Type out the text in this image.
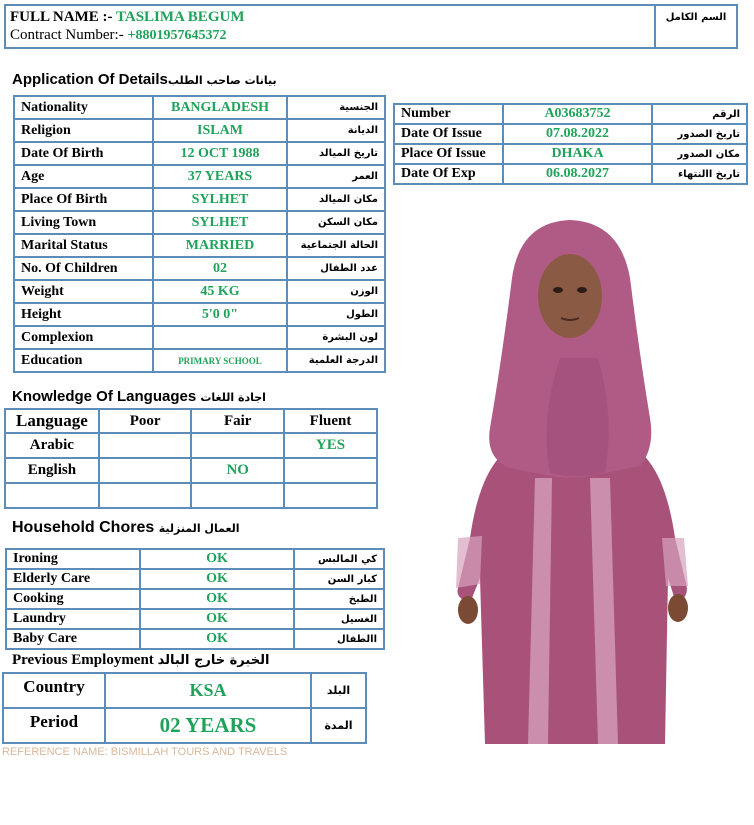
FULL NAME :- TASLIMA BEGUM
Contract Number:- +8801957645372
	السم الكامل
Application Of Detailsبيانات صاحب الطلب
Nationality	BANGLADESH	الجنسية
Religion	ISLAM	الديانة
Date Of Birth	12 OCT 1988	تاريخ الميالد
Age	37 YEARS	العمر
Place Of Birth	SYLHET	مكان الميالد
Living Town	SYLHET	مكان السكن
Marital Status	MARRIED	الحالة الجتماعية
No. Of Children	02	عدد الطفال
Weight	45 KG	الوزن
Height	5'0 0"	الطول
Complexion		لون البشرة
Education	PRIMARY SCHOOL	الدرجة العلمية
Number	A03683752	الرقم
Date Of Issue	07.08.2022	تاريخ الصدور
Place Of Issue	DHAKA	مكان الصدور
Date Of Exp	06.08.2027	تاريخ االنتهاء
Knowledge Of Languages اجادة اللغات
Language	Poor	Fair	Fluent
Arabic			YES
English		NO	

Household Chores العمال المنزلية
Ironing	OK	كي المالبس
Elderly Care	OK	كبار السن
Cooking	OK	الطبخ
Laundry	OK	الغسيل
Baby Care	OK	االطفال
Previous Employment الخبرة خارج البالد
Country	KSA	البلد
Period	02 YEARS	المدة
REFERENCE NAME: BISMILLAH TOURS AND TRAVELS
